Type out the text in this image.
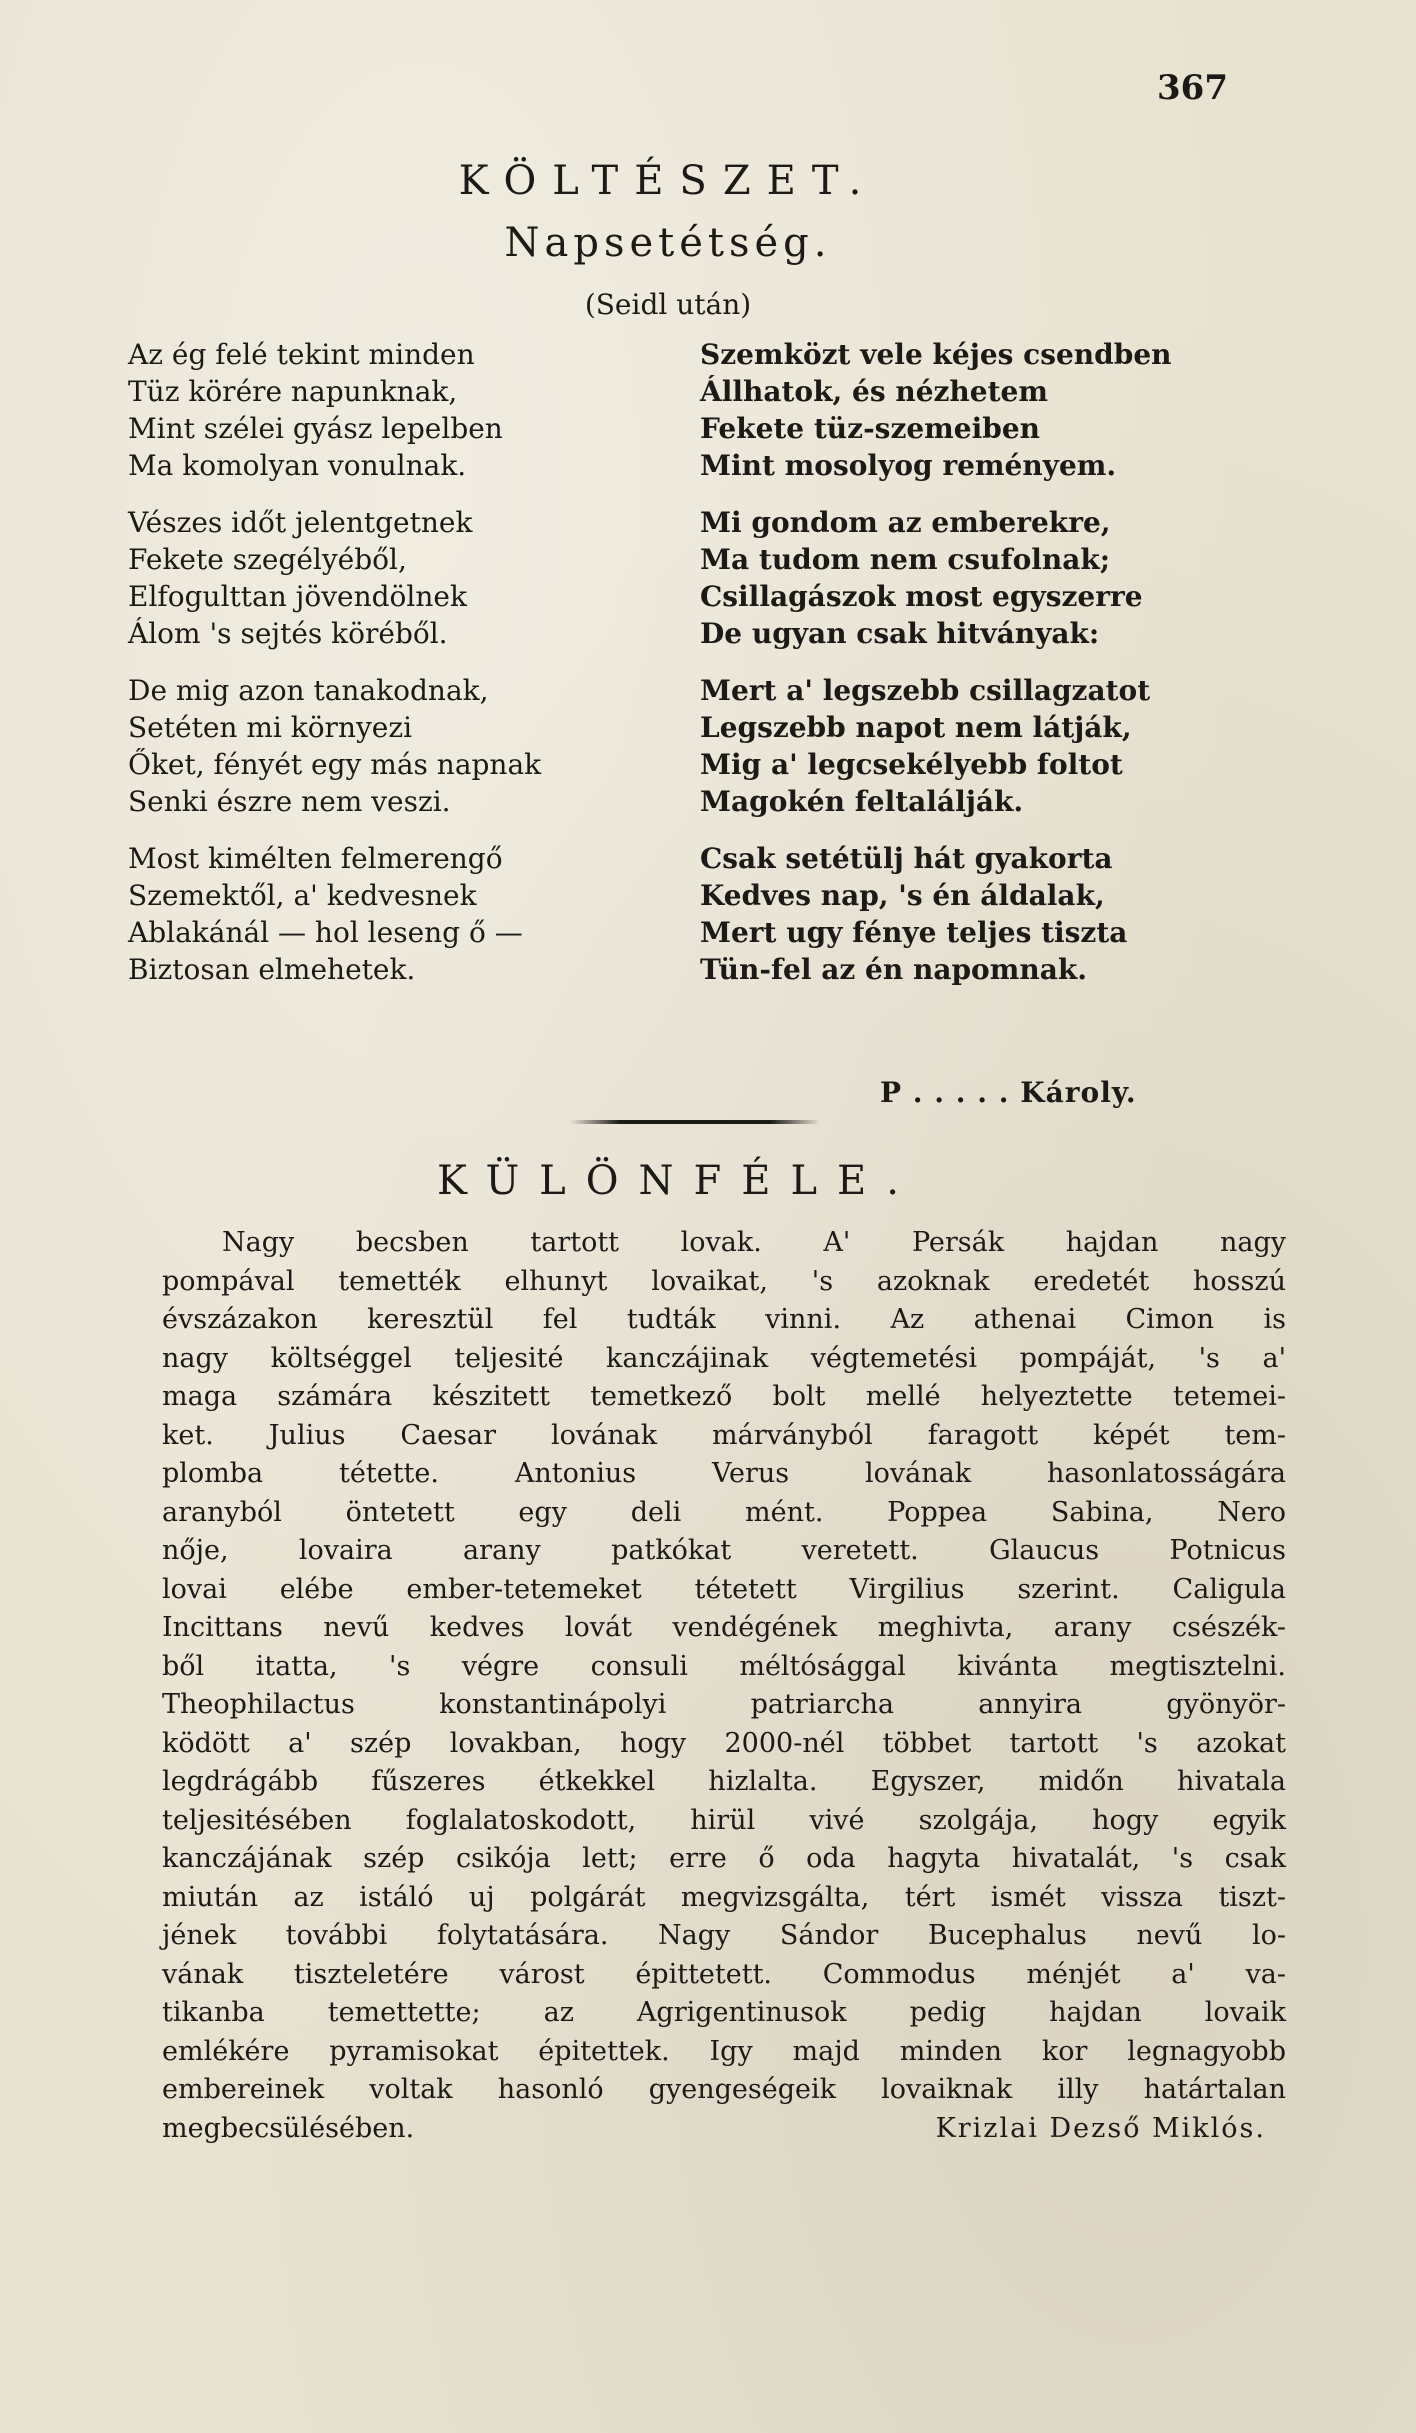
367
KÖLTÉSZET.
Napsetétség.
(Seidl után)
Az ég felé tekint minden
Tüz körére napunknak,
Mint szélei gyász lepelben
Ma komolyan vonulnak.
Vészes időt jelentgetnek
Fekete szegélyéből,
Elfogulttan jövendölnek
Álom 's sejtés köréből.
De mig azon tanakodnak,
Setéten mi környezi
Őket, fényét egy más napnak
Senki észre nem veszi.
Most kimélten felmerengő
Szemektől, a' kedvesnek
Ablakánál — hol leseng ő —
Biztosan elmehetek.
Szemközt vele kéjes csendben
Állhatok, és nézhetem
Fekete tüz-szemeiben
Mint mosolyog reményem.
Mi gondom az emberekre,
Ma tudom nem csufolnak;
Csillagászok most egyszerre
De ugyan csak hitványak:
Mert a' legszebb csillagzatot
Legszebb napot nem látják,
Mig a' legcsekélyebb foltot
Magokén feltalálják.
Csak setétülj hát gyakorta
Kedves nap, 's én áldalak,
Mert ugy fénye teljes tiszta
Tün-fel az én napomnak.
P . . . . . Károly.
KÜLÖNFÉLE.
Nagy becsben tartott lovak. A' Persák hajdan nagy
pompával temették elhunyt lovaikat, 's azoknak eredetét hosszú
évszázakon keresztül fel tudták vinni. Az athenai Cimon is
nagy költséggel teljesité kanczájinak végtemetési pompáját, 's a'
maga számára készitett temetkező bolt mellé helyeztette tetemei-
ket. Julius Caesar lovának márványból faragott képét tem-
plomba tétette. Antonius Verus lovának hasonlatosságára
aranyból öntetett egy deli mént. Poppea Sabina, Nero
nője, lovaira arany patkókat veretett. Glaucus Potnicus
lovai elébe ember-tetemeket tétetett Virgilius szerint. Caligula
Incittans nevű kedves lovát vendégének meghivta, arany csészék-
ből itatta, 's végre consuli méltósággal kivánta megtisztelni.
Theophilactus konstantinápolyi patriarcha annyira gyönyör-
ködött a' szép lovakban, hogy 2000-nél többet tartott 's azokat
legdrágább fűszeres étkekkel hizlalta. Egyszer, midőn hivatala
teljesitésében foglalatoskodott, hirül vivé szolgája, hogy egyik
kanczájának szép csikója lett; erre ő oda hagyta hivatalát, 's csak
miután az istáló uj polgárát megvizsgálta, tért ismét vissza tiszt-
jének további folytatására. Nagy Sándor Bucephalus nevű lo-
vának tiszteletére várost épittetett. Commodus ménjét a' va-
tikanba temettette; az Agrigentinusok pedig hajdan lovaik
emlékére pyramisokat épitettek. Igy majd minden kor legnagyobb
embereinek voltak hasonló gyengeségeik lovaiknak illy határtalan
megbecsülésében.	Krizlai Dezső Miklós.
